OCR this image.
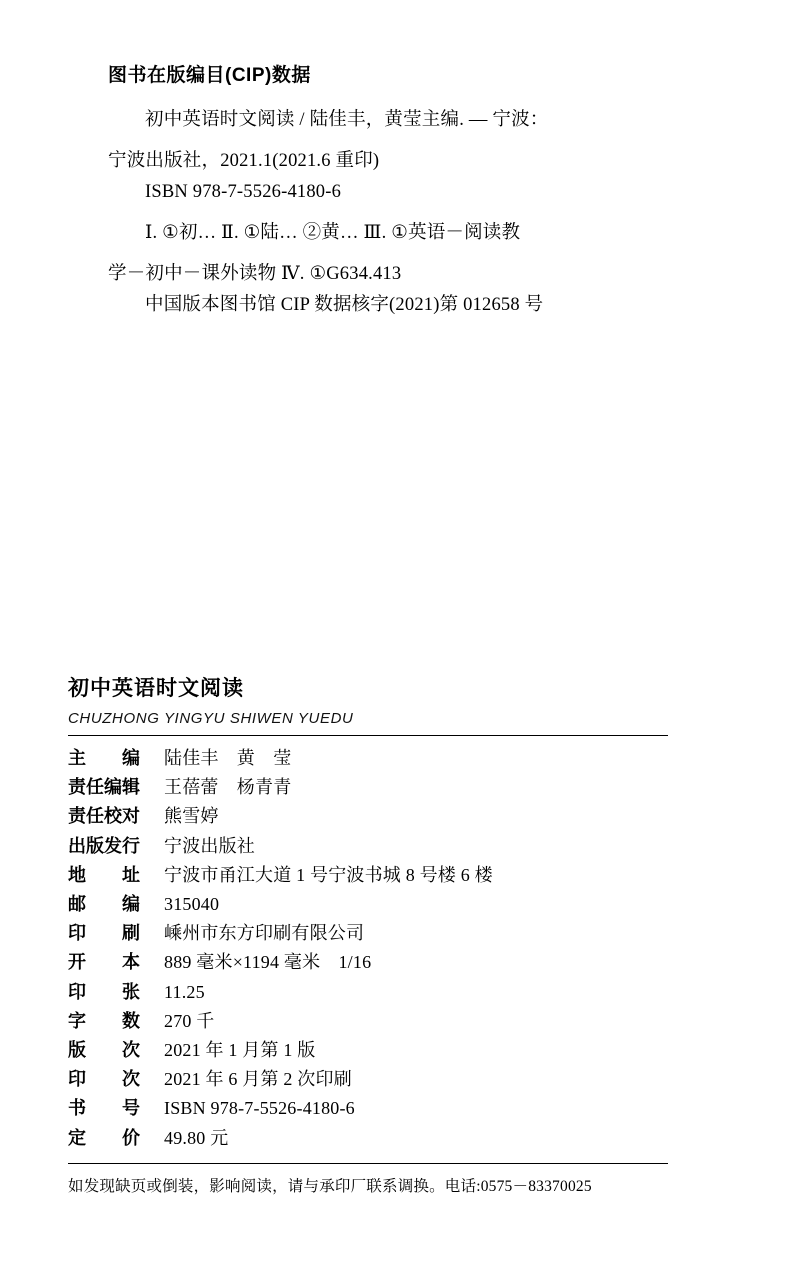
图书在版编目(CIP)数据

初中英语时文阅读 / 陆佳丰，黄莹主编. — 宁波：

宁波出版社，2021.1(2021.6 重印)

ISBN 978-7-5526-4180-6

Ⅰ. ①初… Ⅱ. ①陆… ②黄… Ⅲ. ①英语－阅读教

学－初中－课外读物 Ⅳ. ①G634.413

中国版本图书馆 CIP 数据核字(2021)第 012658 号

初中英语时文阅读
CHUZHONG YINGYU SHIWEN YUEDU
主　　编	陆佳丰　黄　莹
责任编辑	王蓓蕾　杨青青
责任校对	熊雪婷
出版发行	宁波出版社
地　　址	宁波市甬江大道 1 号宁波书城 8 号楼 6 楼
邮　　编	315040
印　　刷	嵊州市东方印刷有限公司
开　　本	889 毫米×1194 毫米　1/16
印　　张	11.25
字　　数	270 千
版　　次	2021 年 1 月第 1 版
印　　次	2021 年 6 月第 2 次印刷
书　　号	ISBN 978-7-5526-4180-6
定　　价	49.80 元
如发现缺页或倒装，影响阅读，请与承印厂联系调换。电话:0575－83370025
